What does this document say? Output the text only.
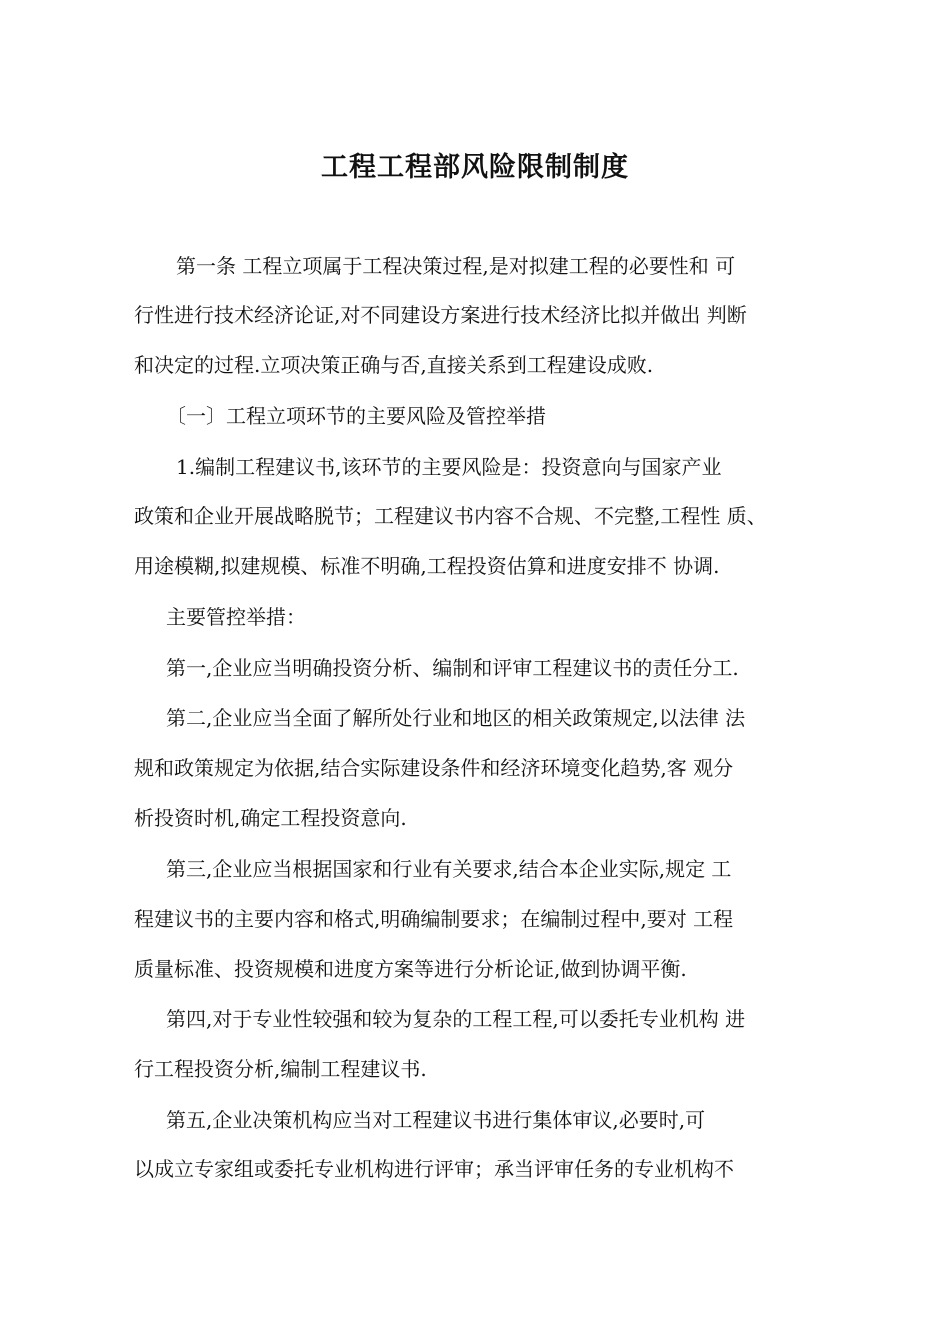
工程工程部风险限制制度
第一条 工程立项属于工程决策过程,是对拟建工程的必要性和 可
行性进行技术经济论证,对不同建设方案进行技术经济比拟并做出 判断
和决定的过程.立项决策正确与否,直接关系到工程建设成败.
〔一〕工程立项环节的主要风险及管控举措
1.编制工程建议书,该环节的主要风险是：投资意向与国家产业
政策和企业开展战略脱节；工程建议书内容不合规、不完整,工程性 质、
用途模糊,拟建规模、标准不明确,工程投资估算和进度安排不 协调.
主要管控举措：
第一,企业应当明确投资分析、编制和评审工程建议书的责任分工.
第二,企业应当全面了解所处行业和地区的相关政策规定,以法律 法
规和政策规定为依据,结合实际建设条件和经济环境变化趋势,客 观分
析投资时机,确定工程投资意向.
第三,企业应当根据国家和行业有关要求,结合本企业实际,规定 工
程建议书的主要内容和格式,明确编制要求；在编制过程中,要对 工程
质量标准、投资规模和进度方案等进行分析论证,做到协调平衡.
第四,对于专业性较强和较为复杂的工程工程,可以委托专业机构 进
行工程投资分析,编制工程建议书.
第五,企业决策机构应当对工程建议书进行集体审议,必要时,可
以成立专家组或委托专业机构进行评审；承当评审任务的专业机构不
